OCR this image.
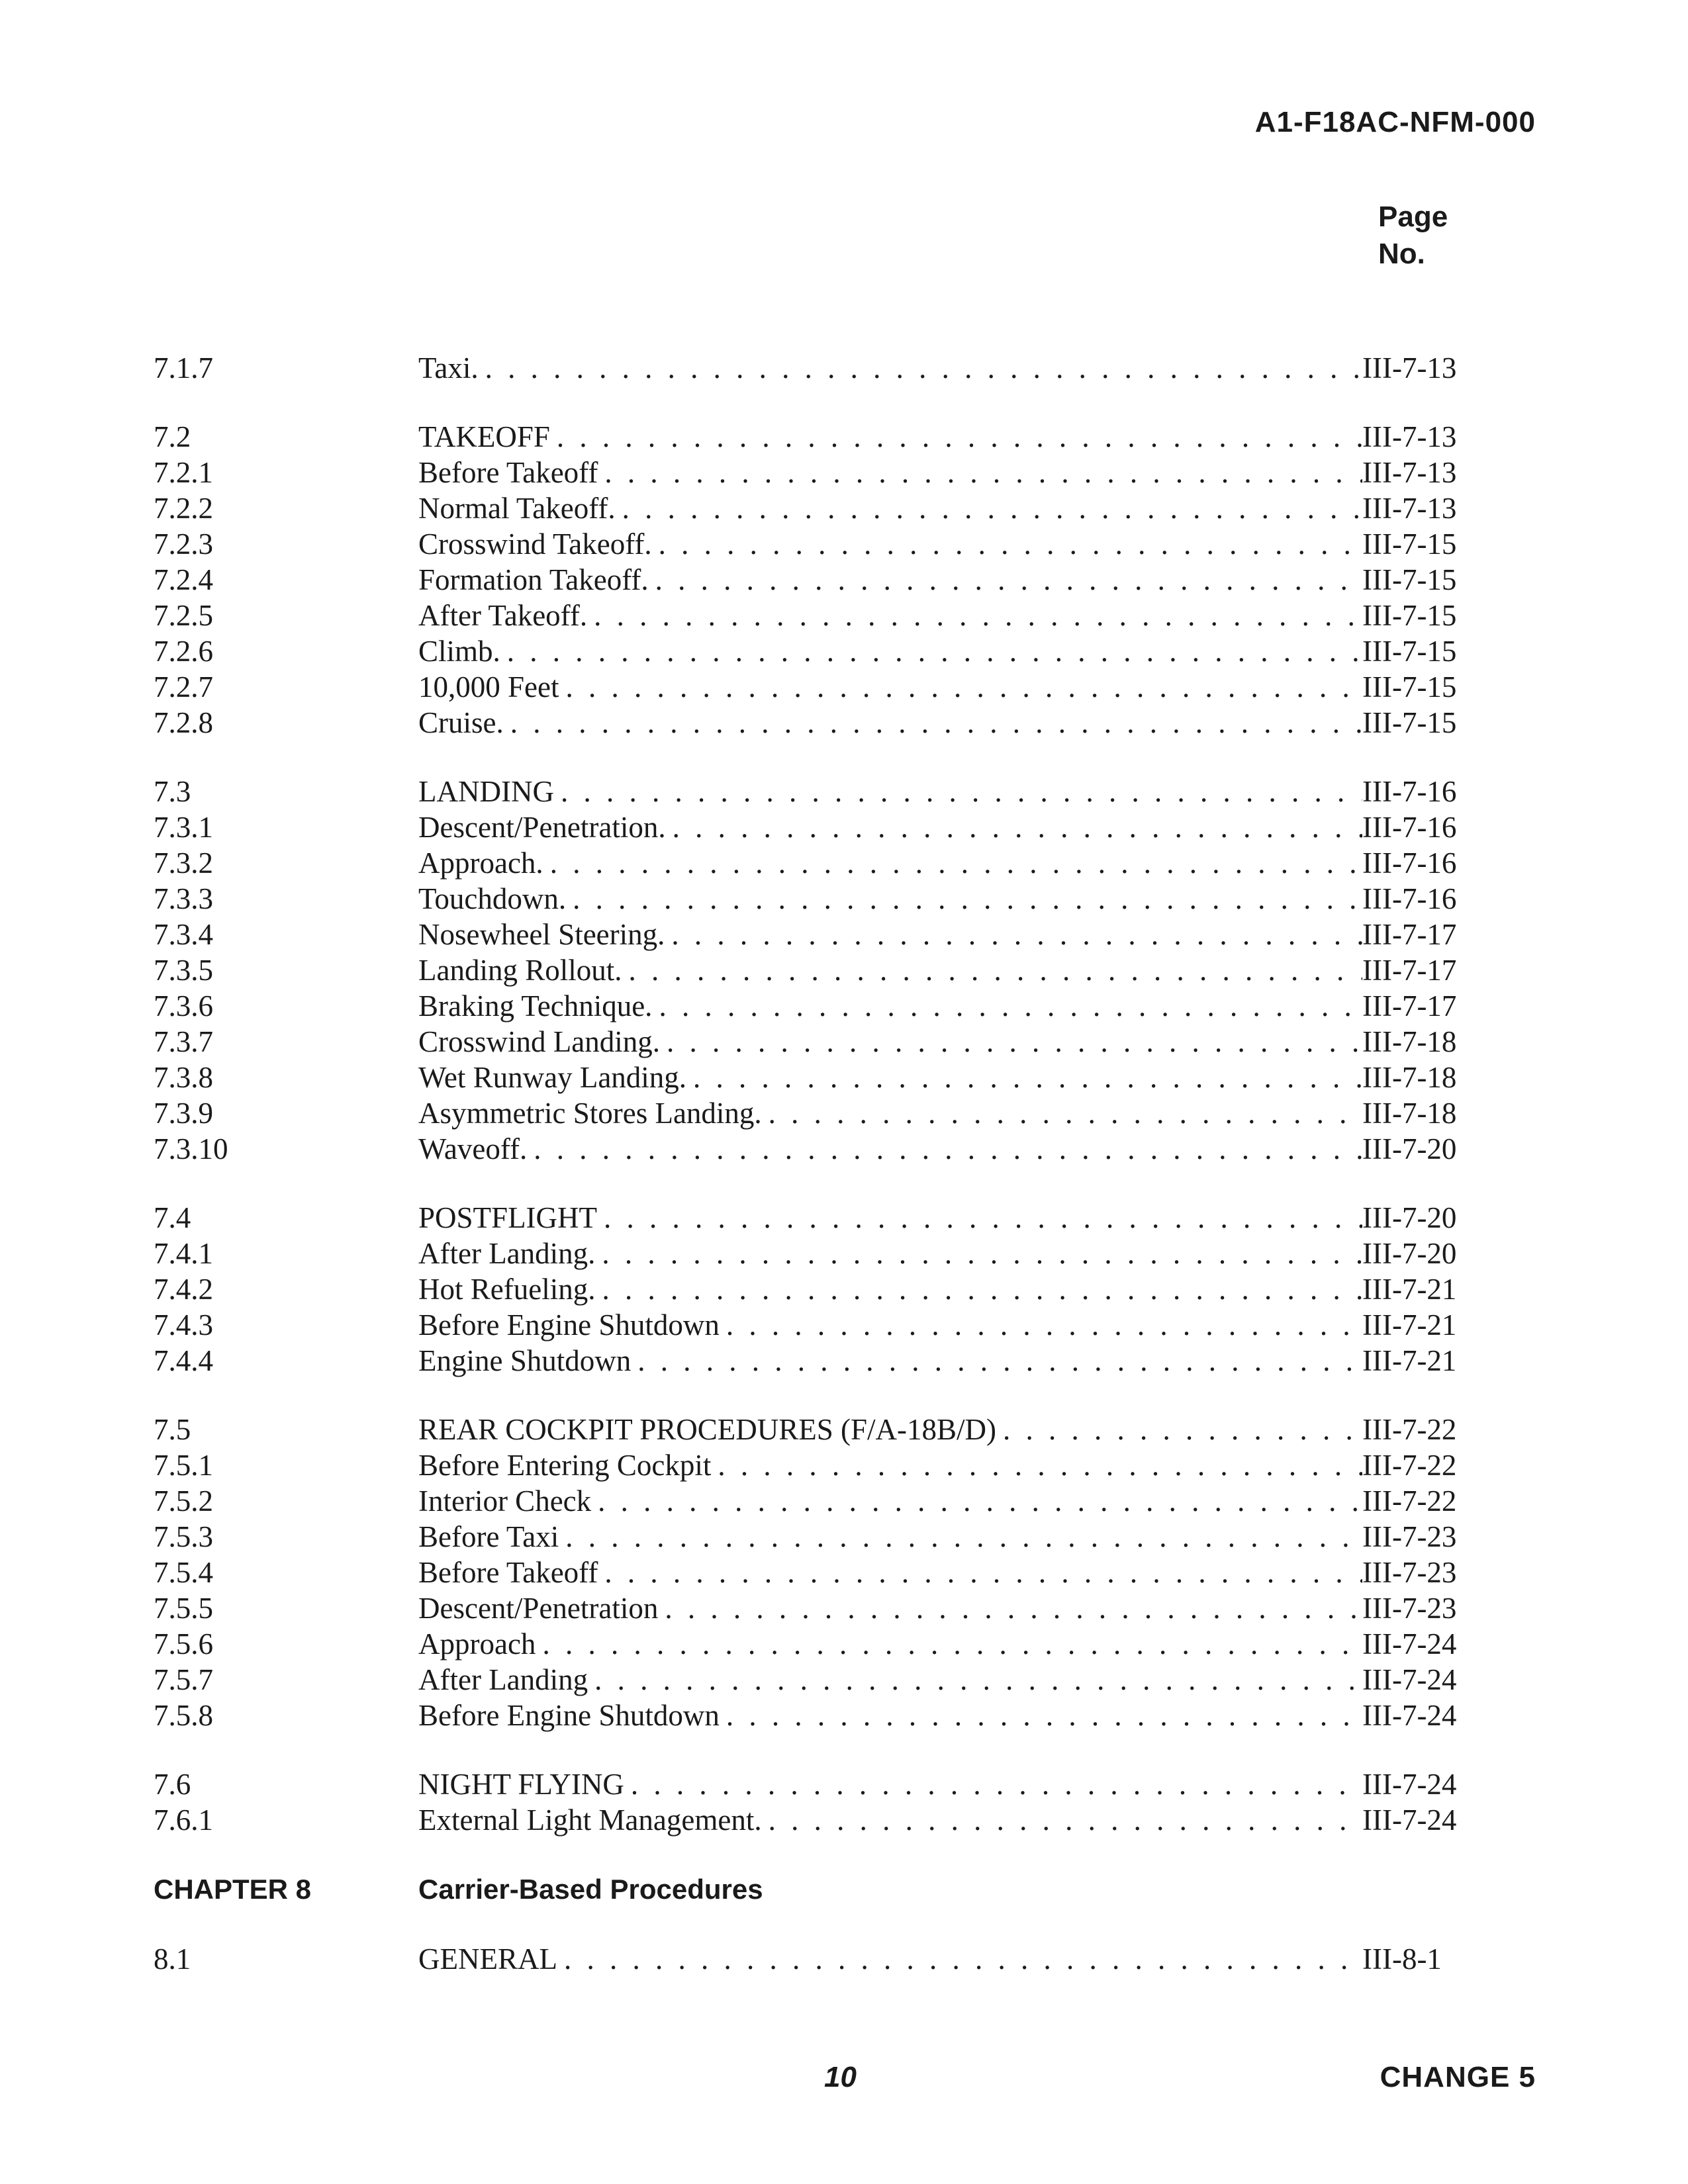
A1-F18AC-NFM-000
Page
No.
7.1.7	Taxi. . . .	III-7-13
7.2	TAKEOFF . . .	III-7-13
7.2.1	Before Takeoff . . .	III-7-13
7.2.2	Normal Takeoff. . . .	III-7-13
7.2.3	Crosswind Takeoff. . . .	III-7-15
7.2.4	Formation Takeoff. . . .	III-7-15
7.2.5	After Takeoff. . . .	III-7-15
7.2.6	Climb. . . .	III-7-15
7.2.7	10,000 Feet . . .	III-7-15
7.2.8	Cruise. . . .	III-7-15
7.3	LANDING . . .	III-7-16
7.3.1	Descent/Penetration. . . .	III-7-16
7.3.2	Approach. . . .	III-7-16
7.3.3	Touchdown. . . .	III-7-16
7.3.4	Nosewheel Steering. . . .	III-7-17
7.3.5	Landing Rollout. . . .	III-7-17
7.3.6	Braking Technique. . . .	III-7-17
7.3.7	Crosswind Landing. . . .	III-7-18
7.3.8	Wet Runway Landing. . . .	III-7-18
7.3.9	Asymmetric Stores Landing. . . .	III-7-18
7.3.10	Waveoff. . . .	III-7-20
7.4	POSTFLIGHT . . .	III-7-20
7.4.1	After Landing. . . .	III-7-20
7.4.2	Hot Refueling. . . .	III-7-21
7.4.3	Before Engine Shutdown . . .	III-7-21
7.4.4	Engine Shutdown . . .	III-7-21
7.5	REAR COCKPIT PROCEDURES (F/A-18B/D) . . .	III-7-22
7.5.1	Before Entering Cockpit . . .	III-7-22
7.5.2	Interior Check . . .	III-7-22
7.5.3	Before Taxi . . .	III-7-23
7.5.4	Before Takeoff . . .	III-7-23
7.5.5	Descent/Penetration . . .	III-7-23
7.5.6	Approach . . .	III-7-24
7.5.7	After Landing . . .	III-7-24
7.5.8	Before Engine Shutdown . . .	III-7-24
7.6	NIGHT FLYING . . .	III-7-24
7.6.1	External Light Management. . . .	III-7-24
CHAPTER 8	Carrier-Based Procedures
8.1	GENERAL . . .	III-8-1
10	CHANGE 5
